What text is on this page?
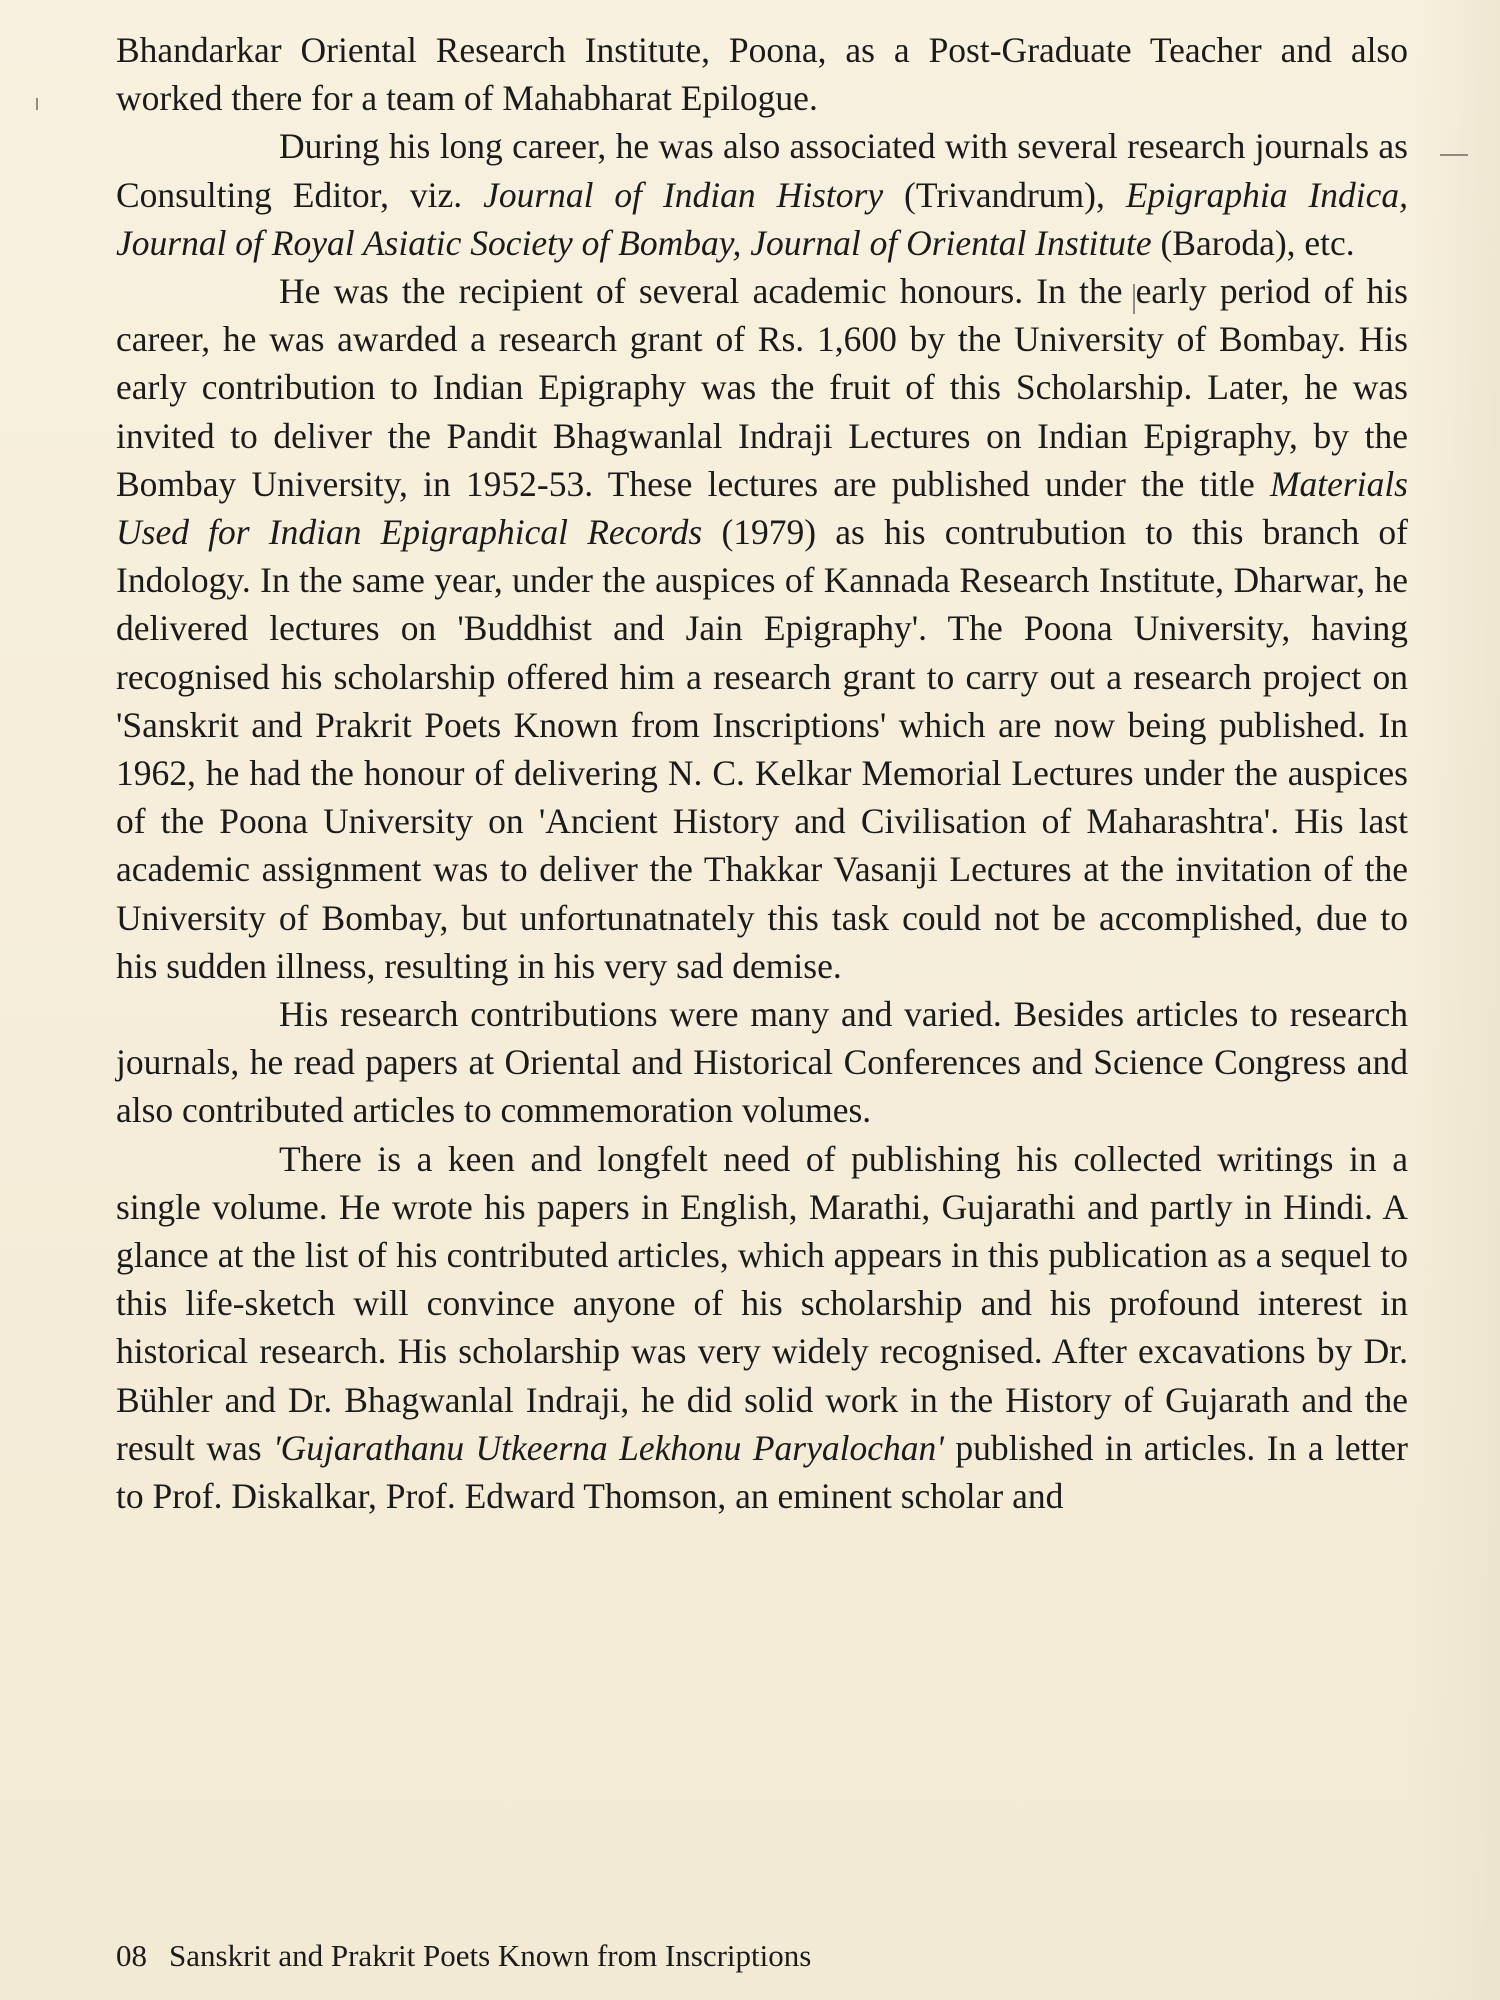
Bhandarkar Oriental Research Institute, Poona, as a Post-Graduate Teacher and also worked there for a team of Mahabharat Epilogue.

During his long career, he was also associated with several research journals as Consulting Editor, viz. Journal of Indian History (Trivandrum), Epigraphia Indica, Journal of Royal Asiatic Society of Bombay, Journal of Oriental Institute (Baroda), etc.

He was the recipient of several academic honours. In the early period of his career, he was awarded a research grant of Rs. 1,600 by the University of Bombay. His early contribution to Indian Epigraphy was the fruit of this Scholarship. Later, he was invited to deliver the Pandit Bhagwanlal Indraji Lectures on Indian Epigraphy, by the Bombay University, in 1952-53. These lectures are published under the title Materials Used for Indian Epigraphical Records (1979) as his contrubution to this branch of Indology. In the same year, under the auspices of Kannada Research Institute, Dharwar, he delivered lectures on 'Buddhist and Jain Epigraphy'. The Poona University, having recognised his scholarship offered him a research grant to carry out a research project on 'Sanskrit and Prakrit Poets Known from Inscriptions' which are now being published. In 1962, he had the honour of delivering N. C. Kelkar Memorial Lectures under the auspices of the Poona University on 'Ancient History and Civilisation of Maharashtra'. His last academic assignment was to deliver the Thakkar Vasanji Lectures at the invitation of the University of Bombay, but unfortunatnately this task could not be accomplished, due to his sudden illness, resulting in his very sad demise.

His research contributions were many and varied. Besides articles to research journals, he read papers at Oriental and Historical Conferences and Science Congress and also contributed articles to commemoration volumes.

There is a keen and longfelt need of publishing his collected writings in a single volume. He wrote his papers in English, Marathi, Gujarathi and partly in Hindi. A glance at the list of his contributed articles, which appears in this publication as a sequel to this life-sketch will convince anyone of his scholarship and his profound interest in historical research. His scholarship was very widely recognised. After excavations by Dr. Bühler and Dr. Bhagwanlal Indraji, he did solid work in the History of Gujarath and the result was 'Gujarathanu Utkeerna Lekhonu Paryalochan' published in articles. In a letter to Prof. Diskalkar, Prof. Edward Thomson, an eminent scholar and

08 Sanskrit and Prakrit Poets Known from Inscriptions
